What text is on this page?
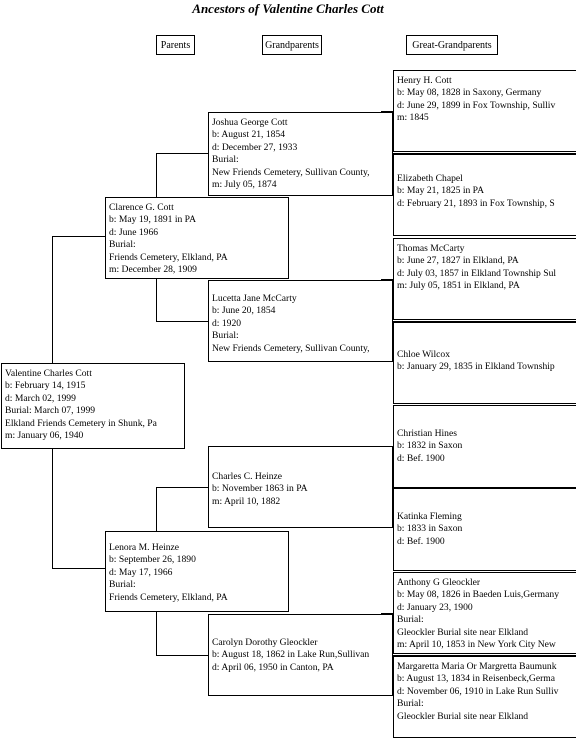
Ancestors of Valentine Charles Cott
Parents	Grandparents	Great-Grandparents
Henry H. Cott
b: May 08, 1828 in Saxony, Germany
d: June 29, 1899 in Fox Township, Sulliv
m: 1845
Elizabeth Chapel
b: May 21, 1825 in PA
d: February 21, 1893 in Fox Township, S
Thomas McCarty
b: June 27, 1827 in Elkland, PA
d: July 03, 1857 in Elkland Township Sul
m: July 05, 1851 in Elkland, PA
Chloe Wilcox
b: January 29, 1835 in Elkland Township
Christian Hines
b: 1832 in Saxon
d: Bef. 1900
Katinka Fleming
b: 1833 in Saxon
d: Bef. 1900
Anthony G Gleockler
b: May 08, 1826 in Baeden Luis,Germany
d: January 23, 1900
Burial:
Gleockler Burial site near Elkland
m: April 10, 1853 in New York City New
Margaretta Maria Or Margretta Baumunk
b: August 13, 1834 in Reisenbeck,Germa
d: November 06, 1910 in Lake Run Sulliv
Burial:
Gleockler Burial site near Elkland
Joshua George Cott
b: August 21, 1854
d: December 27, 1933
Burial:
New Friends Cemetery, Sullivan County,
m: July 05, 1874
Lucetta Jane McCarty
b: June 20, 1854
d: 1920
Burial:
New Friends Cemetery, Sullivan County,
Charles C. Heinze
b: November 1863 in PA
m: April 10, 1882
Carolyn Dorothy Gleockler
b: August 18, 1862 in Lake Run,Sullivan
d: April 06, 1950 in Canton, PA
Clarence G. Cott
b: May 19, 1891 in PA
d: June 1966
Burial:
Friends Cemetery, Elkland, PA
m: December 28, 1909
Lenora M. Heinze
b: September 26, 1890
d: May 17, 1966
Burial:
Friends Cemetery, Elkland, PA
Valentine Charles Cott
b: February 14, 1915
d: March 02, 1999
Burial: March 07, 1999
Elkland Friends Cemetery in Shunk, Pa
m: January 06, 1940
